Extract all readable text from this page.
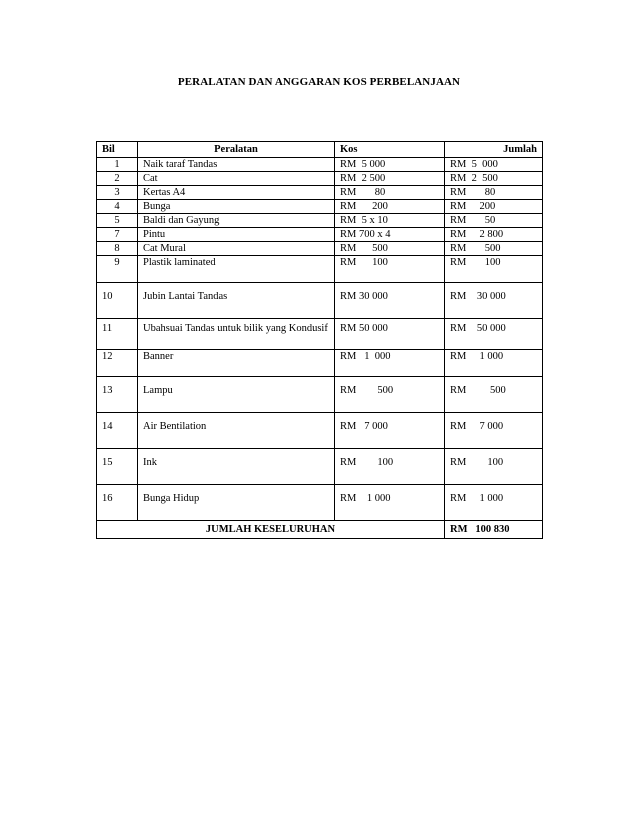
PERALATAN DAN ANGGARAN KOS PERBELANJAAN
Bil	Peralatan	Kos	Jumlah
1	Naik taraf Tandas	RM  5 000	RM  5  000
2	Cat	RM  2 500	RM  2  500
3	Kertas A4	RM       80	RM       80
4	Bunga	RM      200	RM     200
5	Baldi dan Gayung	RM  5 x 10	RM       50
7	Pintu	RM 700 x 4	RM     2 800
8	Cat Mural	RM      500	RM       500
9	Plastik laminated	RM      100	RM       100
10	Jubin Lantai Tandas	RM 30 000	RM    30 000
11	Ubahsuai Tandas untuk bilik yang Kondusif	RM 50 000	RM    50 000
12	Banner	RM   1  000	RM     1 000
13	Lampu	RM        500	RM         500
14	Air Bentilation	RM   7 000	RM     7 000
15	Ink	RM        100	RM        100
16	Bunga Hidup	RM    1 000	RM     1 000
JUMLAH KESELURUHAN			RM   100 830
